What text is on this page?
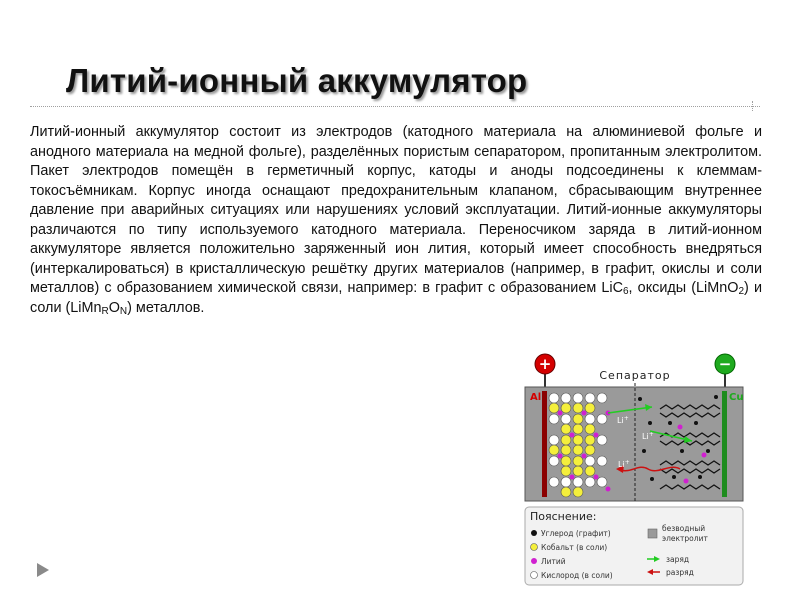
Литий-ионный аккумулятор

Литий-ионный аккумулятор состоит из электродов (катодного материала на алюминиевой фольге и анодного материала на медной фольге), разделённых пористым сепаратором, пропитанным электролитом. Пакет электродов помещён в герметичный корпус, катоды и аноды подсоединены к клеммам-токосъёмникам. Корпус иногда оснащают предохранительным клапаном, сбрасывающим внутреннее давление при аварийных ситуациях или нарушениях условий эксплуатации. Литий-ионные аккумуляторы различаются по типу используемого катодного материала. Переносчиком заряда в литий-ионном аккумуляторе является положительно заряженный ион лития, который имеет способность внедряться (интеркалироваться) в кристаллическую решётку других материалов (например, в графит, окислы и соли металлов) с образованием химической связи, например: в графит с образованием LiC$_6$, оксиды (LiMnO$_2$) и соли $(LiMn_RO_N)$ металлов.

+	−
Сепаратор
Al	Cu
Li+
Li+
Li+
Пояснение:
Углерод (графит)
Кобальт (в соли)
Литий
Кислород (в соли)
безводный
электролит
заряд
разряд
